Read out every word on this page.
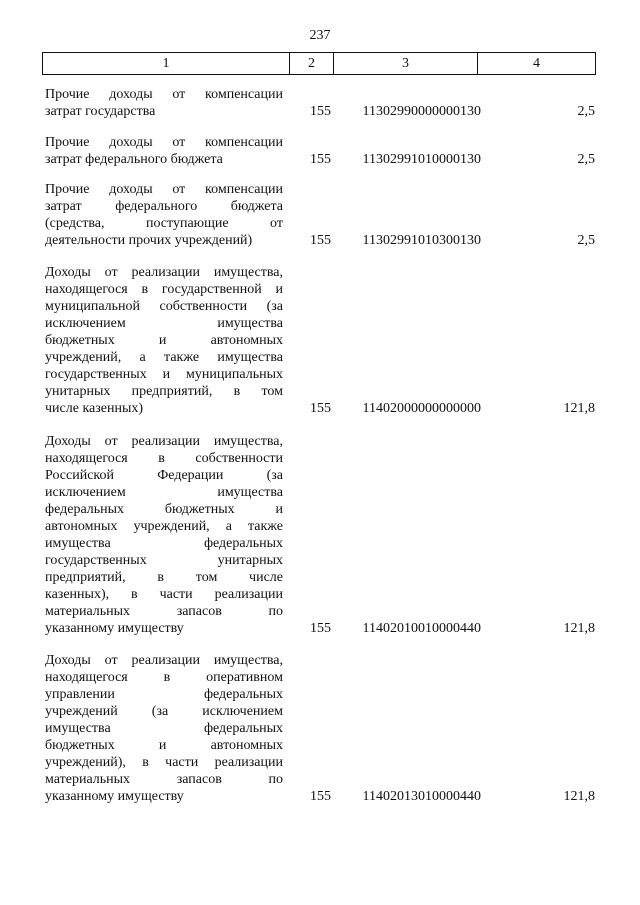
237
1	2	3	4
Прочие доходы от компенсации
затрат государства	155	11302990000000130	2,5
Прочие доходы от компенсации
затрат федерального бюджета	155	11302991010000130	2,5
Прочие доходы от компенсации
затрат федерального бюджета
(средства, поступающие от
деятельности прочих учреждений)	155	11302991010300130	2,5
Доходы от реализации имущества,
находящегося в государственной и
муниципальной собственности (за
исключением имущества
бюджетных и автономных
учреждений, а также имущества
государственных и муниципальных
унитарных предприятий, в том
числе казенных)	155	11402000000000000	121,8
Доходы от реализации имущества,
находящегося в собственности
Российской Федерации (за
исключением имущества
федеральных бюджетных и
автономных учреждений, а также
имущества федеральных
государственных унитарных
предприятий, в том числе
казенных), в части реализации
материальных запасов по
указанному имуществу	155	11402010010000440	121,8
Доходы от реализации имущества,
находящегося в оперативном
управлении федеральных
учреждений (за исключением
имущества федеральных
бюджетных и автономных
учреждений), в части реализации
материальных запасов по
указанному имуществу	155	11402013010000440	121,8
